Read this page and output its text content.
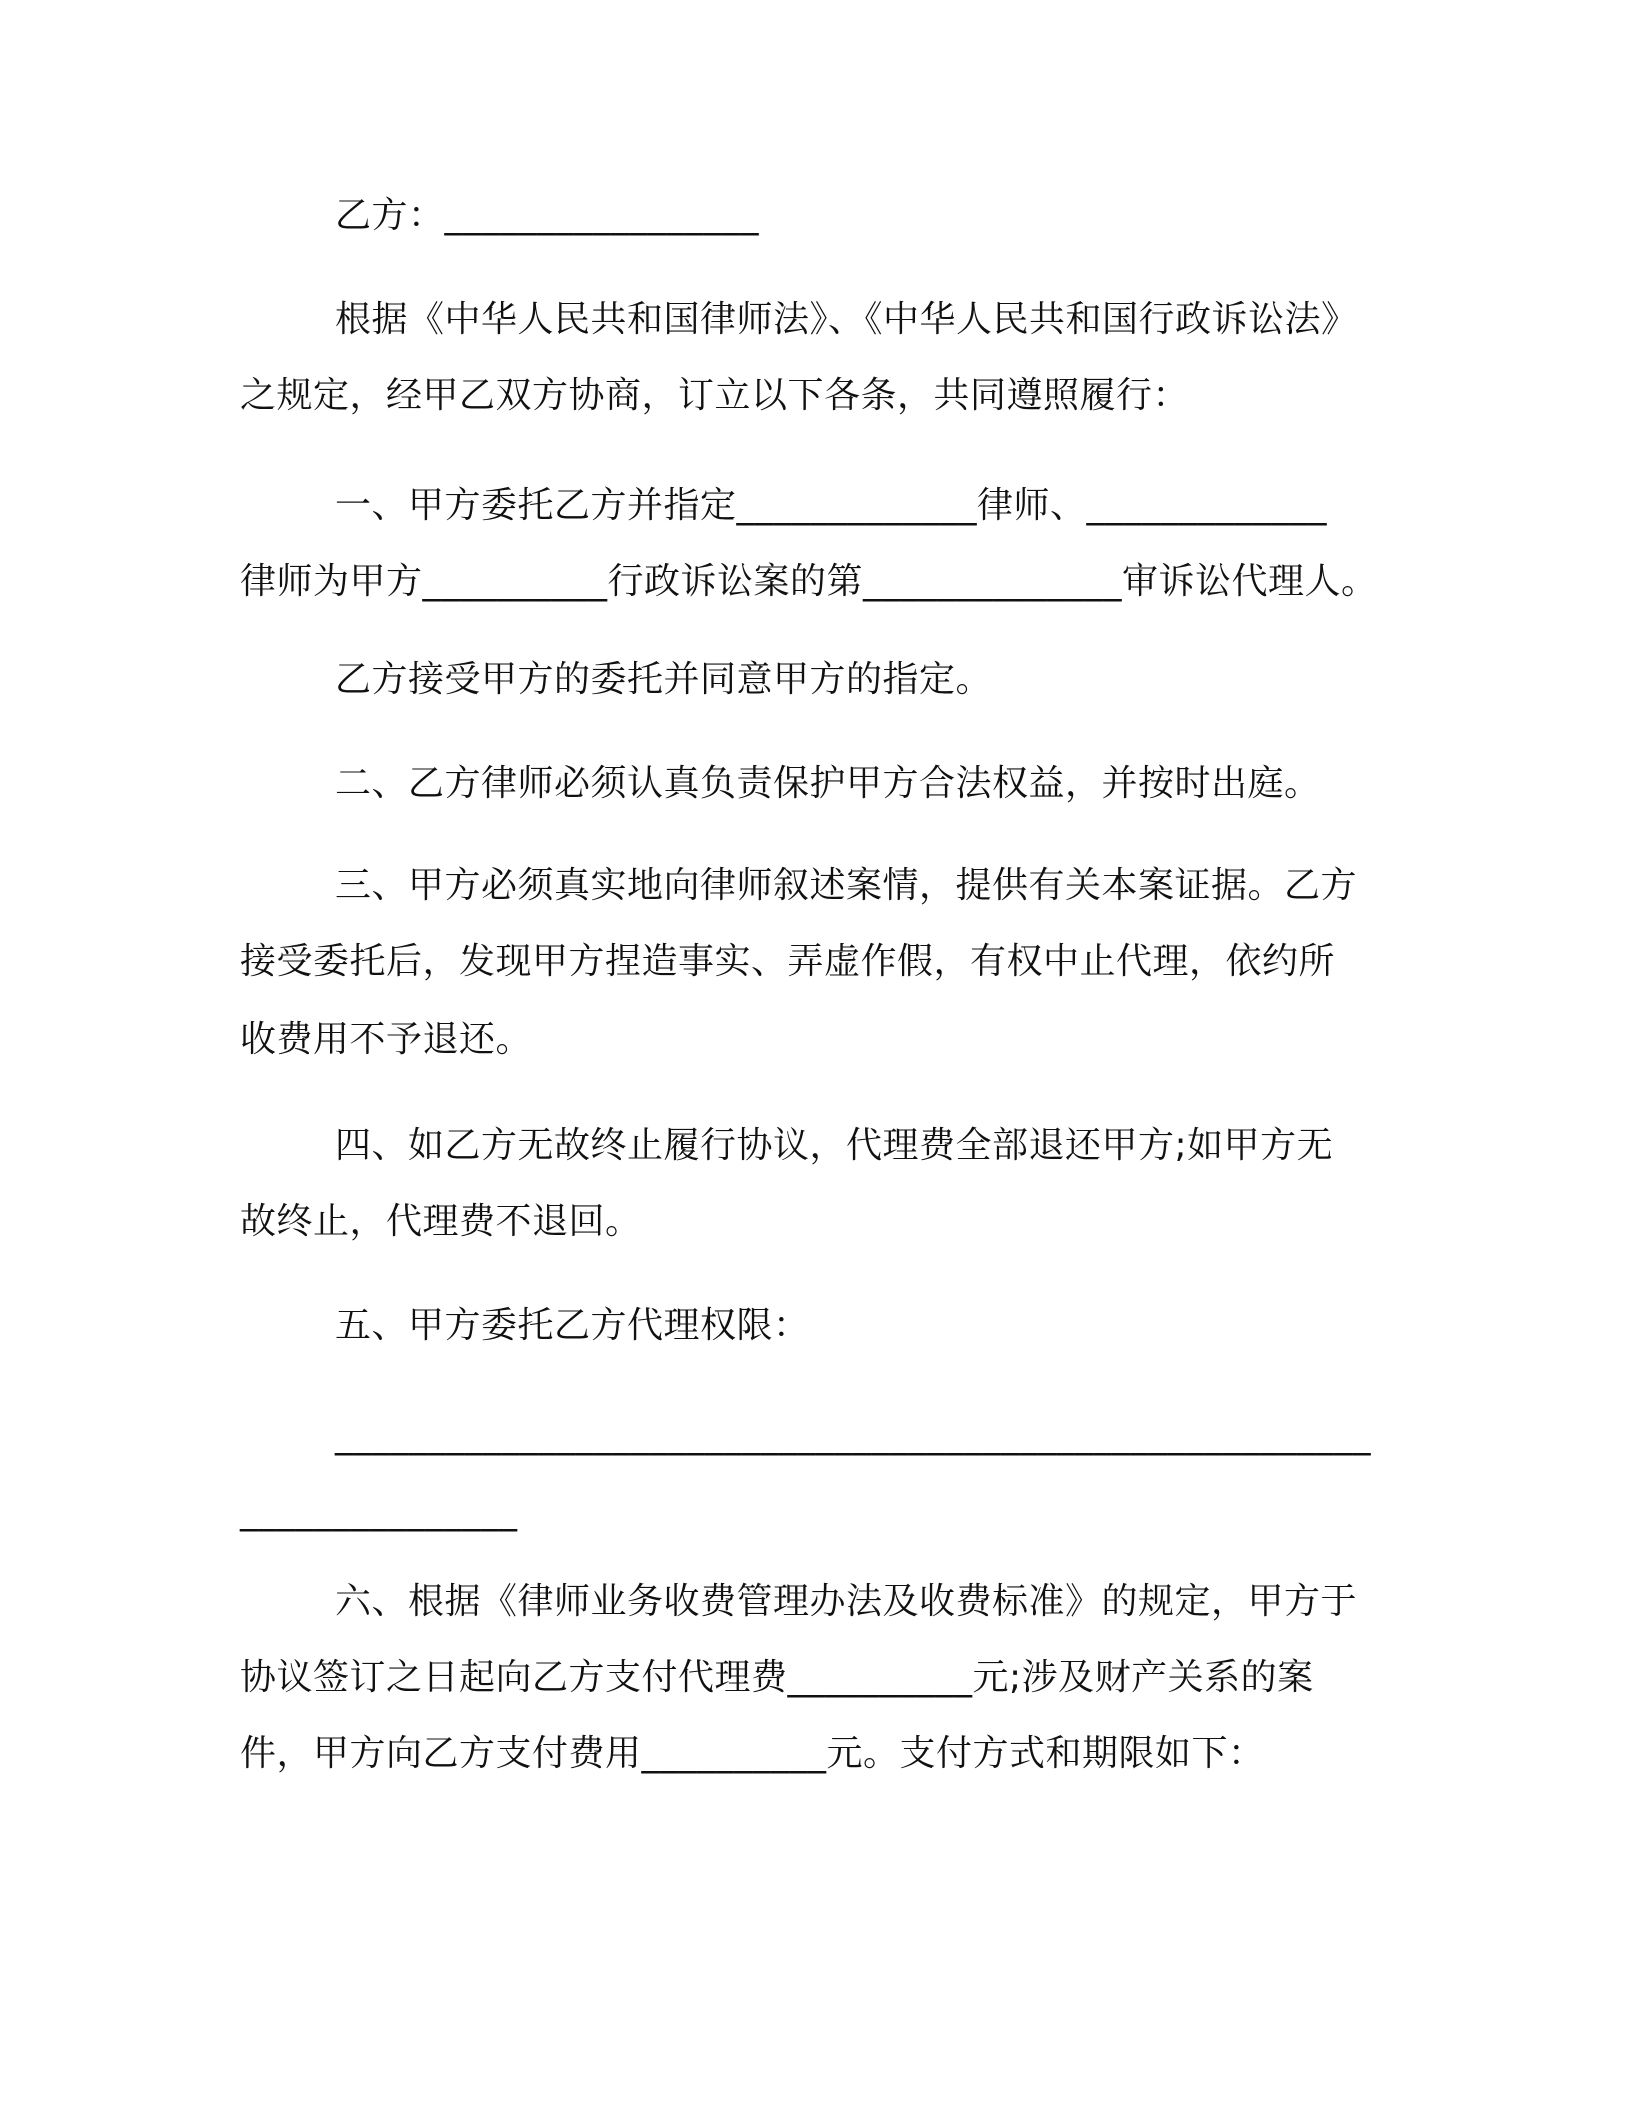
乙方：_________________
根据《中华人民共和国律师法》、《中华人民共和国行政诉讼法》
之规定，经甲乙双方协商，订立以下各条，共同遵照履行：
一、甲方委托乙方并指定_____________律师、_____________
律师为甲方__________行政诉讼案的第______________审诉讼代理人。
乙方接受甲方的委托并同意甲方的指定。
二、乙方律师必须认真负责保护甲方合法权益，并按时出庭。
三、甲方必须真实地向律师叙述案情，提供有关本案证据。乙方
接受委托后，发现甲方捏造事实、弄虚作假，有权中止代理，依约所
收费用不予退还。
四、如乙方无故终止履行协议，代理费全部退还甲方;如甲方无
故终止，代理费不退回。
五、甲方委托乙方代理权限：
________________________________________________________
_______________
六、根据《律师业务收费管理办法及收费标准》的规定，甲方于
协议签订之日起向乙方支付代理费__________元;涉及财产关系的案
件，甲方向乙方支付费用__________元。支付方式和期限如下：
